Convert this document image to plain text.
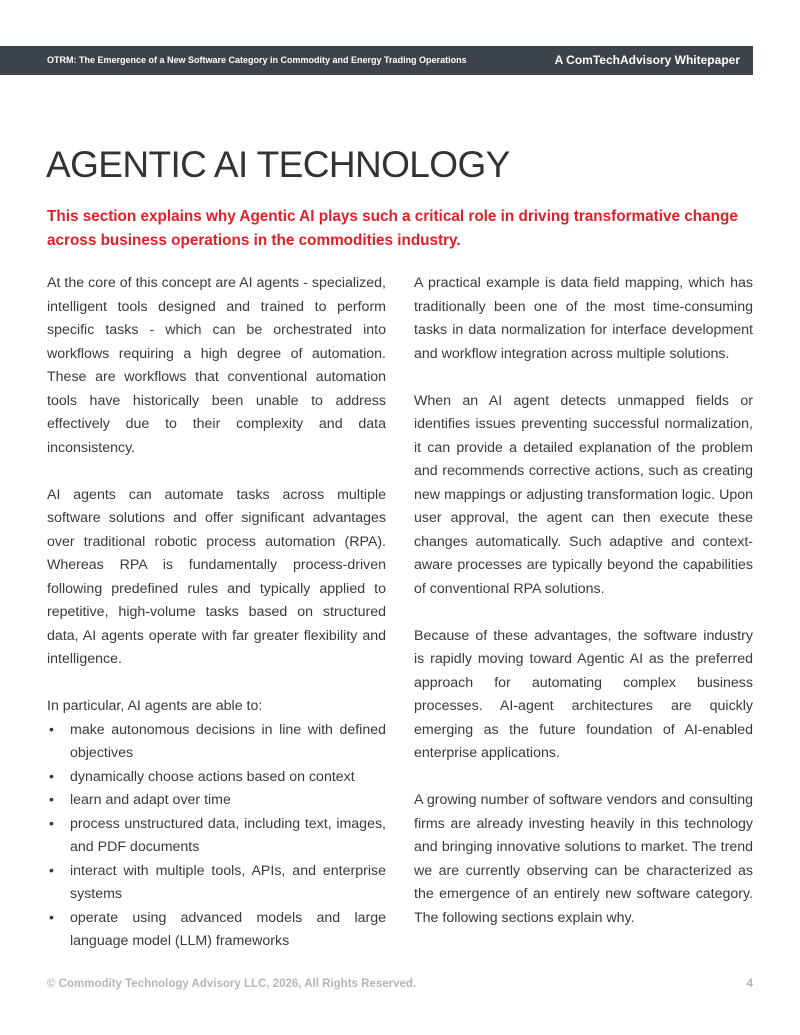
OTRM: The Emergence of a New Software Category in Commodity and Energy Trading Operations	A ComTechAdvisory Whitepaper
AGENTIC AI TECHNOLOGY

This section explains why Agentic AI plays such a critical role in driving transformative change across business operations in the commodities industry.

At the core of this concept are AI agents - specialized, intelligent tools designed and trained to perform specific tasks - which can be orchestrated into workflows requiring a high degree of automation. These are workflows that conventional automation tools have historically been unable to address effectively due to their complexity and data inconsistency.

AI agents can automate tasks across multiple software solutions and offer significant advantages over traditional robotic process automation (RPA). Whereas RPA is fundamentally process-driven following predefined rules and typically applied to repetitive, high-volume tasks based on structured data, AI agents operate with far greater flexibility and intelligence.

In particular, AI agents are able to:

• make autonomous decisions in line with defined objectives
• dynamically choose actions based on context
• learn and adapt over time
• process unstructured data, including text, images, and PDF documents
• interact with multiple tools, APIs, and enterprise systems
• operate using advanced models and large language model (LLM) frameworks

A practical example is data field mapping, which has traditionally been one of the most time-consuming tasks in data normalization for interface development and workflow integration across multiple solutions.

When an AI agent detects unmapped fields or identifies issues preventing successful normalization, it can provide a detailed explanation of the problem and recommends corrective actions, such as creating new mappings or adjusting transformation logic. Upon user approval, the agent can then execute these changes automatically. Such adaptive and context-aware processes are typically beyond the capabilities of conventional RPA solutions.

Because of these advantages, the software industry is rapidly moving toward Agentic AI as the preferred approach for automating complex business processes. AI-agent architectures are quickly emerging as the future foundation of AI-enabled enterprise applications.

A growing number of software vendors and consulting firms are already investing heavily in this technology and bringing innovative solutions to market. The trend we are currently observing can be characterized as the emergence of an entirely new software category. The following sections explain why.

© Commodity Technology Advisory LLC, 2026, All Rights Reserved.	4
